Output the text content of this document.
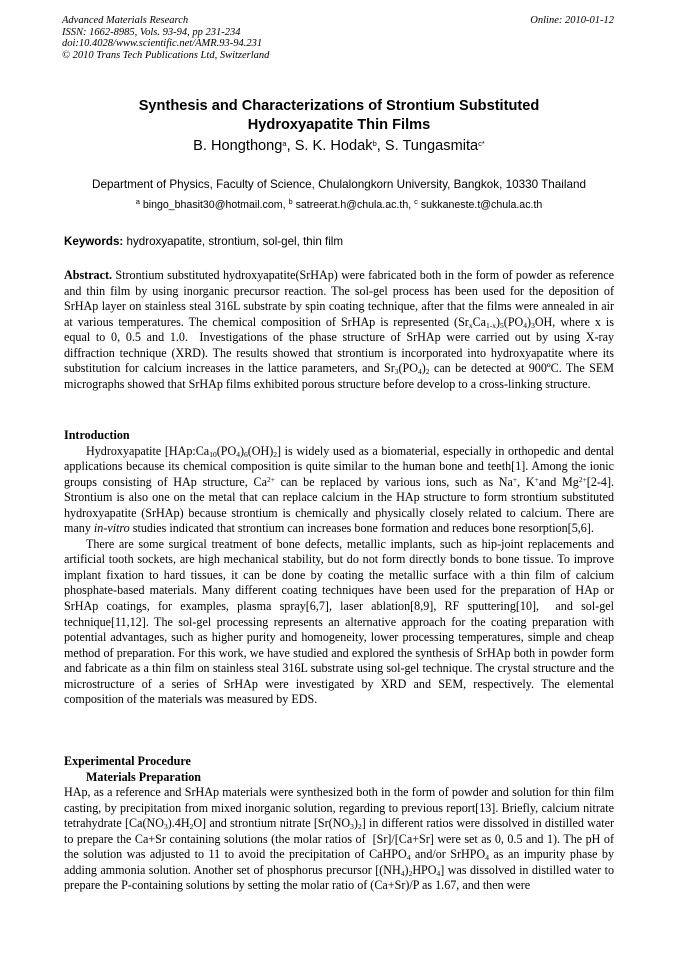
Advanced Materials Research
ISSN: 1662-8985, Vols. 93-94, pp 231-234
doi:10.4028/www.scientific.net/AMR.93-94.231
© 2010 Trans Tech Publications Ltd, Switzerland
Online: 2010-01-12
Synthesis and Characterizations of Strontium Substituted
Hydroxyapatite Thin Films
B. Hongthong$^a$, S. K. Hodak$^b$, S. Tungasmita$^{c*}$
Department of Physics, Faculty of Science, Chulalongkorn University, Bangkok, 10330 Thailand
$^a$ bingo_bhasit30@hotmail.com, $^b$ satreerat.h@chula.ac.th, $^c$ sukkaneste.t@chula.ac.th
Keywords: hydroxyapatite, strontium, sol-gel, thin film

Abstract. Strontium substituted hydroxyapatite(SrHAp) were fabricated both in the form of powder as reference and thin film by using inorganic precursor reaction. The sol-gel process has been used for the deposition of SrHAp layer on stainless steal 316L substrate by spin coating technique, after that the films were annealed in air at various temperatures. The chemical composition of SrHAp is represented $(Sr_xCa_{1-x})_5(PO_4)_3OH$, where x is equal to 0, 0.5 and 1.0.  Investigations of the phase structure of SrHAp were carried out by using X-ray diffraction technique (XRD). The results showed that strontium is incorporated into hydroxyapatite where its substitution for calcium increases in the lattice parameters, and $Sr_3(PO_4)_2$ can be detected at 900ºC. The SEM micrographs showed that SrHAp films exhibited porous structure before develop to a cross-linking structure.

Introduction

Hydroxyapatite $[HAp:Ca_{10}(PO_4)_6(OH)_2]$ is widely used as a biomaterial, especially in orthopedic and dental applications because its chemical composition is quite similar to the human bone and teeth[1]. Among the ionic groups consisting of HAp structure, $Ca^{2+}$ can be replaced by various ions, such as Na+, K+and $Mg^{2+}[2-4]$. Strontium is also one on the metal that can replace calcium in the HAp structure to form strontium substituted hydroxyapatite (SrHAp) because strontium is chemically and physically closely related to calcium. There are many in-vitro studies indicated that strontium can increases bone formation and reduces bone resorption[5,6].

There are some surgical treatment of bone defects, metallic implants, such as hip-joint replacements and artificial tooth sockets, are high mechanical stability, but do not form directly bonds to bone tissue. To improve implant fixation to hard tissues, it can be done by coating the metallic surface with a thin film of calcium phosphate-based materials. Many different coating techniques have been used for the preparation of HAp or SrHAp coatings, for examples, plasma spray[6,7], laser ablation[8,9], RF sputtering[10],  and sol-gel technique[11,12]. The sol-gel processing represents an alternative approach for the coating preparation with potential advantages, such as higher purity and homogeneity, lower processing temperatures, simple and cheap method of preparation. For this work, we have studied and explored the synthesis of SrHAp both in powder form and fabricate as a thin film on stainless steal 316L substrate using sol-gel technique. The crystal structure and the microstructure of a series of SrHAp were investigated by XRD and SEM, respectively. The elemental composition of the materials was measured by EDS.

Experimental Procedure

Materials Preparation

HAp, as a reference and SrHAp materials were synthesized both in the form of powder and solution for thin film casting, by precipitation from mixed inorganic solution, regarding to previous report[13]. Briefly, calcium nitrate tetrahydrate $[Ca(NO_3).4H_2O]$ and strontium nitrate $[Sr(NO_3)_2]$ in different ratios were dissolved in distilled water to prepare the Ca+Sr containing solutions (the molar ratios of  [Sr]/[Ca+Sr] were set as 0, 0.5 and 1). The pH of the solution was adjusted to 11 to avoid the precipitation of CaHPO$_4$ and/or SrHPO$_4$ as an impurity phase by adding ammonia solution. Another set of phosphorus precursor $[(NH_4)_2HPO_4]$ was dissolved in distilled water to prepare the P-containing solutions by setting the molar ratio of (Ca+Sr)/P as 1.67, and then were
